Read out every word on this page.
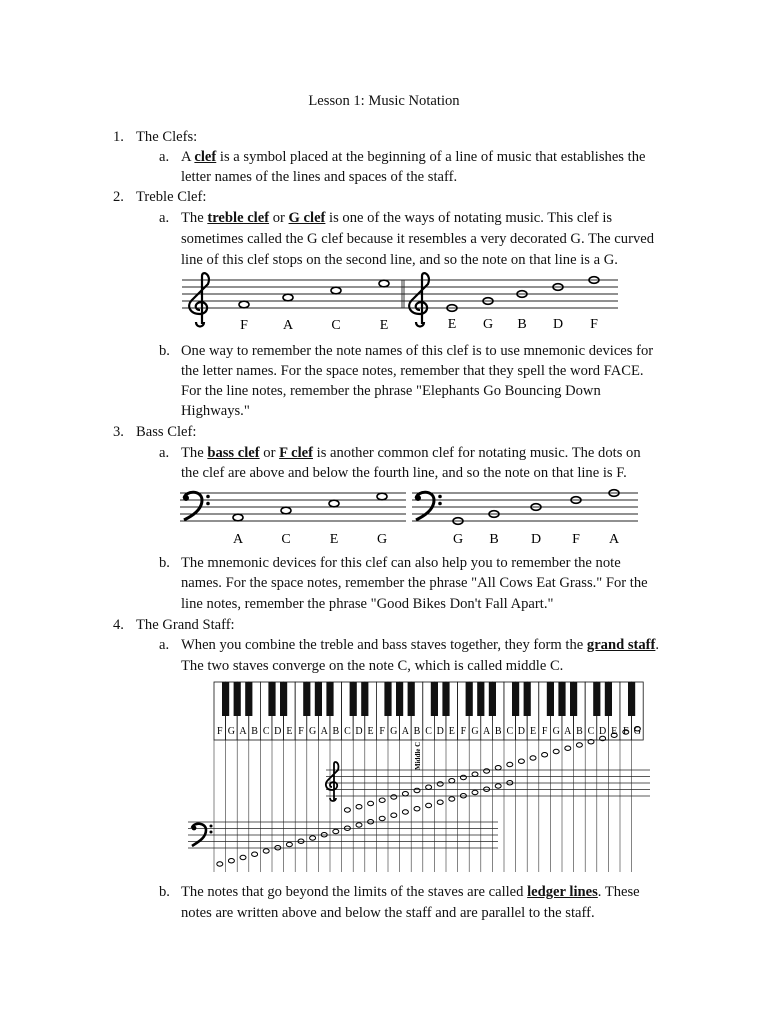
Lesson 1: Music Notation
1. The Clefs:
a. A clef is a symbol placed at the beginning of a line of music that establishes the
letter names of the lines and spaces of the staff.
2. Treble Clef:
a. The treble clef or G clef is one of the ways of notating music. This clef is
sometimes called the G clef because it resembles a very decorated G. The curved
line of this clef stops on the second line, and so the note on that line is a G.
F	A	C	E	E G B D F
b. One way to remember the note names of this clef is to use mnemonic devices for
the letter names. For the space notes, remember that they spell the word FACE.
For the line notes, remember the phrase "Elephants Go Bouncing Down
Highways."
3. Bass Clef:
a. The bass clef or F clef is another common clef for notating music. The dots on
the clef are above and below the fourth line, and so the note on that line is F.
A	C	E	G	G B D F A
b. The mnemonic devices for this clef can also help you to remember the note
names. For the space notes, remember the phrase "All Cows Eat Grass." For the
line notes, remember the phrase "Good Bikes Don't Fall Apart."
4. The Grand Staff:
a. When you combine the treble and bass staves together, they form the grand staff.
The two staves converge on the note C, which is called middle C.
F G A B C D E F G A B C D E F G A B C D E F G A B C D E F G A B C D E F G
Middle C
b. The notes that go beyond the limits of the staves are called ledger lines. These
notes are written above and below the staff and are parallel to the staff.
